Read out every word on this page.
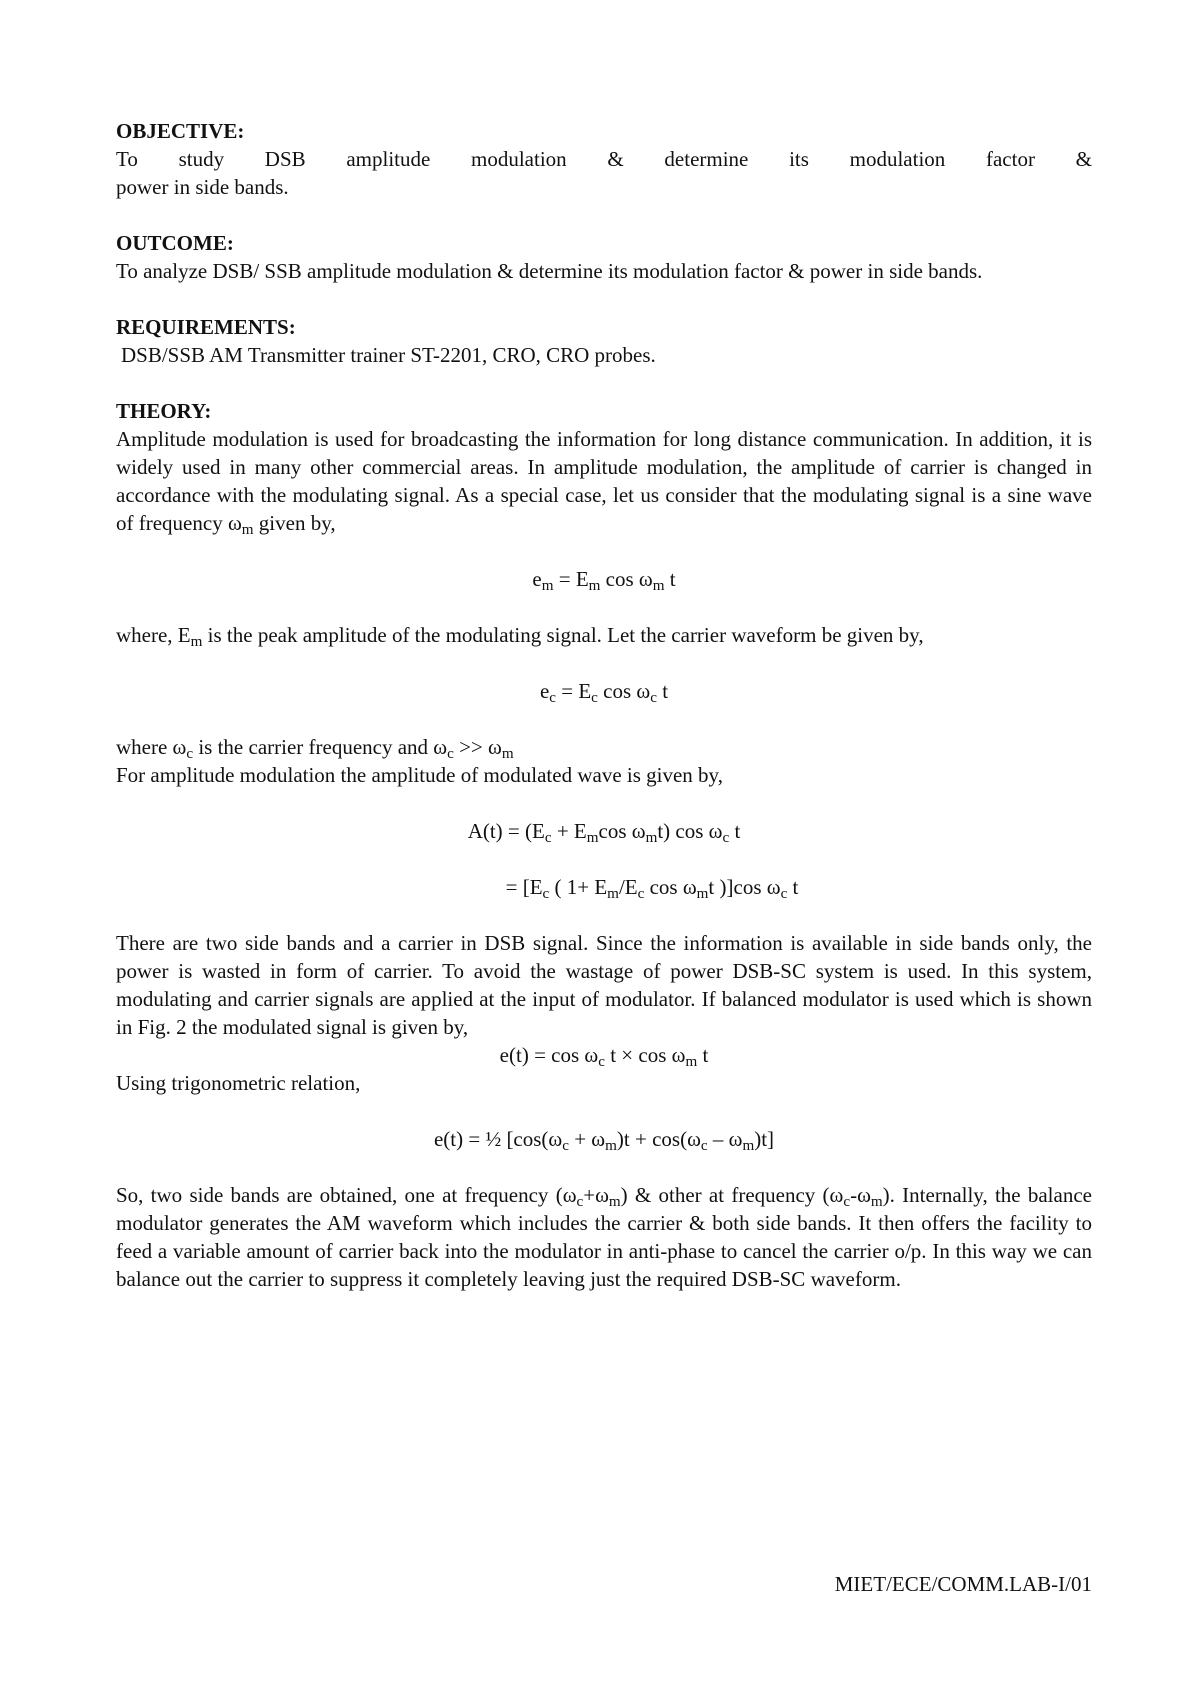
OBJECTIVE:

To study DSB amplitude modulation & determine its modulation factor &
power in side bands.

OUTCOME:

To analyze DSB/ SSB amplitude modulation & determine its modulation factor & power in side bands.

REQUIREMENTS:

DSB/SSB AM Transmitter trainer ST-2201, CRO, CRO probes.

THEORY:

Amplitude modulation is used for broadcasting the information for long distance communication. In addition, it is widely used in many other commercial areas. In amplitude modulation, the amplitude of carrier is changed in accordance with the modulating signal. As a special case, let us consider that the modulating signal is a sine wave of frequency $\omega_m$ given by,

$e_m = E_m$ $\cos \omega_m$ t

where, $E_m$ is the peak amplitude of the modulating signal. Let the carrier waveform be given by,

$e_c = E_c$ $\cos \omega_c$ t

where $\omega_c$ is the carrier frequency and $\omega_c >> \omega_m$

For amplitude modulation the amplitude of modulated wave is given by,

$A(t) = (E_c + E_m\cos$ $\omega_mt$) $\cos \omega_c$ t

= [$E_c$ ( $1+ E_m/E_c$ $\cos \omega_mt$ )]cos $\omega_c$ t

There are two side bands and a carrier in DSB signal. Since the information is available in side bands only, the power is wasted in form of carrier. To avoid the wastage of power DSB-SC system is used. In this system, modulating and carrier signals are applied at the input of modulator. If balanced modulator is used which is shown in Fig. 2 the modulated signal is given by,

$e(t) = \cos \omega_c$ $t \times \cos \omega_m$ t

Using trigonometric relation,

e(t) = ½ $[\cos(\omega_c + \omega_m)t + \cos(\omega_c - \omega_m)t]$

So, two side bands are obtained, one at frequency $(\omega_c+\omega_m)$ & other at frequency $(\omega_c-\omega_m)$. Internally, the balance modulator generates the AM waveform which includes the carrier & both side bands. It then offers the facility to feed a variable amount of carrier back into the modulator in anti-phase to cancel the carrier o/p. In this way we can balance out the carrier to suppress it completely leaving just the required DSB-SC waveform.

MIET/ECE/COMM.LAB-I/01
